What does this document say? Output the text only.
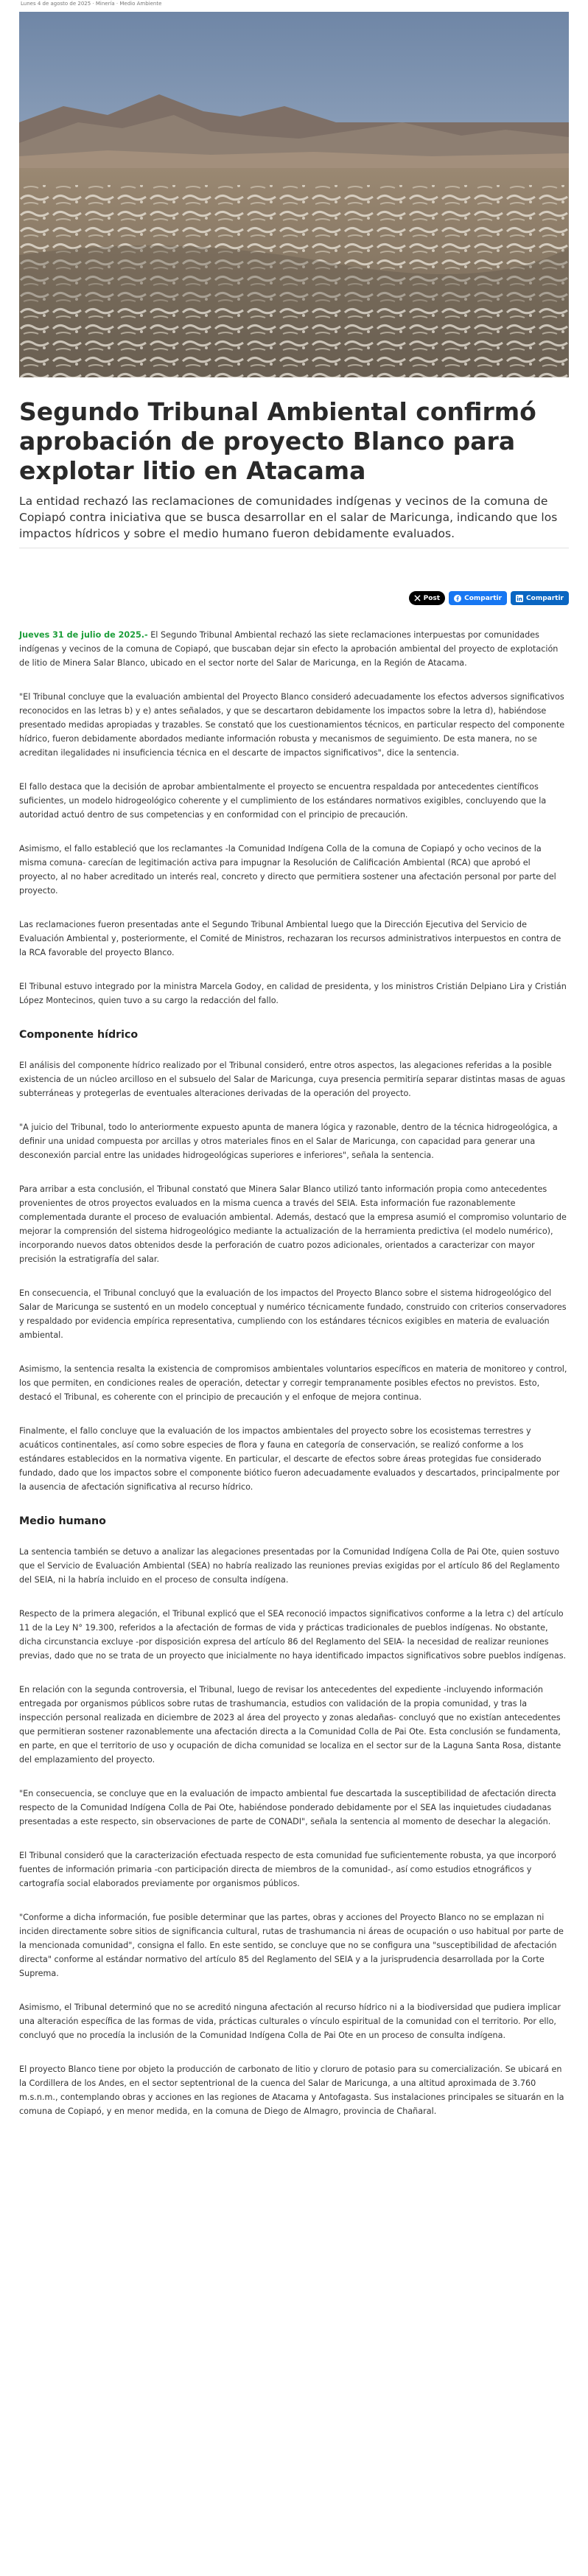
Lunes 4 de agosto de 2025 · Minería · Medio Ambiente
Segundo Tribunal Ambiental confirmó aprobación de proyecto Blanco para explotar litio en Atacama

La entidad rechazó las reclamaciones de comunidades indígenas y vecinos de la comuna de Copiapó contra iniciativa que se busca desarrollar en el salar de Maricunga, indicando que los impactos hídricos y sobre el medio humano fueron debidamente evaluados.

Post	Compartir	Compartir

Jueves 31 de julio de 2025.- El Segundo Tribunal Ambiental rechazó las siete reclamaciones interpuestas por comunidades indígenas y vecinos de la comuna de Copiapó, que buscaban dejar sin efecto la aprobación ambiental del proyecto de explotación de litio de Minera Salar Blanco, ubicado en el sector norte del Salar de Maricunga, en la Región de Atacama.

"El Tribunal concluye que la evaluación ambiental del Proyecto Blanco consideró adecuadamente los efectos adversos significativos reconocidos en las letras b) y e) antes señalados, y que se descartaron debidamente los impactos sobre la letra d), habiéndose presentado medidas apropiadas y trazables. Se constató que los cuestionamientos técnicos, en particular respecto del componente hídrico, fueron debidamente abordados mediante información robusta y mecanismos de seguimiento. De esta manera, no se acreditan ilegalidades ni insuficiencia técnica en el descarte de impactos significativos", dice la sentencia.

El fallo destaca que la decisión de aprobar ambientalmente el proyecto se encuentra respaldada por antecedentes científicos suficientes, un modelo hidrogeológico coherente y el cumplimiento de los estándares normativos exigibles, concluyendo que la autoridad actuó dentro de sus competencias y en conformidad con el principio de precaución.

Asimismo, el fallo estableció que los reclamantes -la Comunidad Indígena Colla de la comuna de Copiapó y ocho vecinos de la misma comuna- carecían de legitimación activa para impugnar la Resolución de Calificación Ambiental (RCA) que aprobó el proyecto, al no haber acreditado un interés real, concreto y directo que permitiera sostener una afectación personal por parte del proyecto.

Las reclamaciones fueron presentadas ante el Segundo Tribunal Ambiental luego que la Dirección Ejecutiva del Servicio de Evaluación Ambiental y, posteriormente, el Comité de Ministros, rechazaran los recursos administrativos interpuestos en contra de la RCA favorable del proyecto Blanco.

El Tribunal estuvo integrado por la ministra Marcela Godoy, en calidad de presidenta, y los ministros Cristián Delpiano Lira y Cristián López Montecinos, quien tuvo a su cargo la redacción del fallo.

Componente hídrico

El análisis del componente hídrico realizado por el Tribunal consideró, entre otros aspectos, las alegaciones referidas a la posible existencia de un núcleo arcilloso en el subsuelo del Salar de Maricunga, cuya presencia permitiría separar distintas masas de aguas subterráneas y protegerlas de eventuales alteraciones derivadas de la operación del proyecto.

"A juicio del Tribunal, todo lo anteriormente expuesto apunta de manera lógica y razonable, dentro de la técnica hidrogeológica, a definir una unidad compuesta por arcillas y otros materiales finos en el Salar de Maricunga, con capacidad para generar una desconexión parcial entre las unidades hidrogeológicas superiores e inferiores", señala la sentencia.

Para arribar a esta conclusión, el Tribunal constató que Minera Salar Blanco utilizó tanto información propia como antecedentes provenientes de otros proyectos evaluados en la misma cuenca a través del SEIA. Esta información fue razonablemente complementada durante el proceso de evaluación ambiental. Además, destacó que la empresa asumió el compromiso voluntario de mejorar la comprensión del sistema hidrogeológico mediante la actualización de la herramienta predictiva (el modelo numérico), incorporando nuevos datos obtenidos desde la perforación de cuatro pozos adicionales, orientados a caracterizar con mayor precisión la estratigrafía del salar.

En consecuencia, el Tribunal concluyó que la evaluación de los impactos del Proyecto Blanco sobre el sistema hidrogeológico del Salar de Maricunga se sustentó en un modelo conceptual y numérico técnicamente fundado, construido con criterios conservadores y respaldado por evidencia empírica representativa, cumpliendo con los estándares técnicos exigibles en materia de evaluación ambiental.

Asimismo, la sentencia resalta la existencia de compromisos ambientales voluntarios específicos en materia de monitoreo y control, los que permiten, en condiciones reales de operación, detectar y corregir tempranamente posibles efectos no previstos. Esto, destacó el Tribunal, es coherente con el principio de precaución y el enfoque de mejora continua.

Finalmente, el fallo concluye que la evaluación de los impactos ambientales del proyecto sobre los ecosistemas terrestres y acuáticos continentales, así como sobre especies de flora y fauna en categoría de conservación, se realizó conforme a los estándares establecidos en la normativa vigente. En particular, el descarte de efectos sobre áreas protegidas fue considerado fundado, dado que los impactos sobre el componente biótico fueron adecuadamente evaluados y descartados, principalmente por la ausencia de afectación significativa al recurso hídrico.

Medio humano

La sentencia también se detuvo a analizar las alegaciones presentadas por la Comunidad Indígena Colla de Pai Ote, quien sostuvo que el Servicio de Evaluación Ambiental (SEA) no habría realizado las reuniones previas exigidas por el artículo 86 del Reglamento del SEIA, ni la habría incluido en el proceso de consulta indígena.

Respecto de la primera alegación, el Tribunal explicó que el SEA reconoció impactos significativos conforme a la letra c) del artículo 11 de la Ley N° 19.300, referidos a la afectación de formas de vida y prácticas tradicionales de pueblos indígenas. No obstante, dicha circunstancia excluye -por disposición expresa del artículo 86 del Reglamento del SEIA- la necesidad de realizar reuniones previas, dado que no se trata de un proyecto que inicialmente no haya identificado impactos significativos sobre pueblos indígenas.

En relación con la segunda controversia, el Tribunal, luego de revisar los antecedentes del expediente -incluyendo información entregada por organismos públicos sobre rutas de trashumancia, estudios con validación de la propia comunidad, y tras la inspección personal realizada en diciembre de 2023 al área del proyecto y zonas aledañas- concluyó que no existían antecedentes que permitieran sostener razonablemente una afectación directa a la Comunidad Colla de Pai Ote. Esta conclusión se fundamenta, en parte, en que el territorio de uso y ocupación de dicha comunidad se localiza en el sector sur de la Laguna Santa Rosa, distante del emplazamiento del proyecto.

"En consecuencia, se concluye que en la evaluación de impacto ambiental fue descartada la susceptibilidad de afectación directa respecto de la Comunidad Indígena Colla de Pai Ote, habiéndose ponderado debidamente por el SEA las inquietudes ciudadanas presentadas a este respecto, sin observaciones de parte de CONADI", señala la sentencia al momento de desechar la alegación.

El Tribunal consideró que la caracterización efectuada respecto de esta comunidad fue suficientemente robusta, ya que incorporó fuentes de información primaria -con participación directa de miembros de la comunidad-, así como estudios etnográficos y cartografía social elaborados previamente por organismos públicos.

"Conforme a dicha información, fue posible determinar que las partes, obras y acciones del Proyecto Blanco no se emplazan ni inciden directamente sobre sitios de significancia cultural, rutas de trashumancia ni áreas de ocupación o uso habitual por parte de la mencionada comunidad", consigna el fallo. En este sentido, se concluye que no se configura una "susceptibilidad de afectación directa" conforme al estándar normativo del artículo 85 del Reglamento del SEIA y a la jurisprudencia desarrollada por la Corte Suprema.

Asimismo, el Tribunal determinó que no se acreditó ninguna afectación al recurso hídrico ni a la biodiversidad que pudiera implicar una alteración específica de las formas de vida, prácticas culturales o vínculo espiritual de la comunidad con el territorio. Por ello, concluyó que no procedía la inclusión de la Comunidad Indígena Colla de Pai Ote en un proceso de consulta indígena.

El proyecto Blanco tiene por objeto la producción de carbonato de litio y cloruro de potasio para su comercialización. Se ubicará en la Cordillera de los Andes, en el sector septentrional de la cuenca del Salar de Maricunga, a una altitud aproximada de 3.760 m.s.n.m., contemplando obras y acciones en las regiones de Atacama y Antofagasta. Sus instalaciones principales se situarán en la comuna de Copiapó, y en menor medida, en la comuna de Diego de Almagro, provincia de Chañaral.
